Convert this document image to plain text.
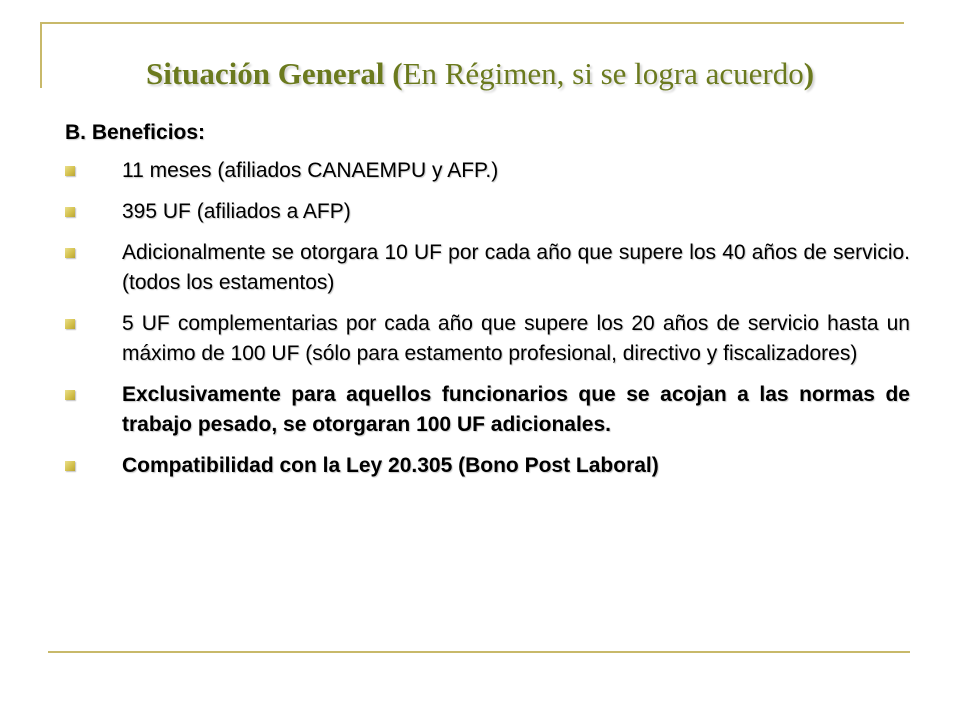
Situación General (En Régimen, si se logra acuerdo)
B. Beneficios:
11 meses (afiliados CANAEMPU y AFP.)
395 UF (afiliados a AFP)
Adicionalmente se otorgara 10 UF por cada año que supere los 40 años de servicio. (todos los estamentos)
5 UF complementarias por cada año que supere los 20 años de servicio hasta un máximo de 100 UF (sólo para estamento profesional, directivo y fiscalizadores)
Exclusivamente para aquellos funcionarios que se acojan a las normas de trabajo pesado, se otorgaran 100 UF adicionales.
Compatibilidad con la Ley 20.305 (Bono Post Laboral)
